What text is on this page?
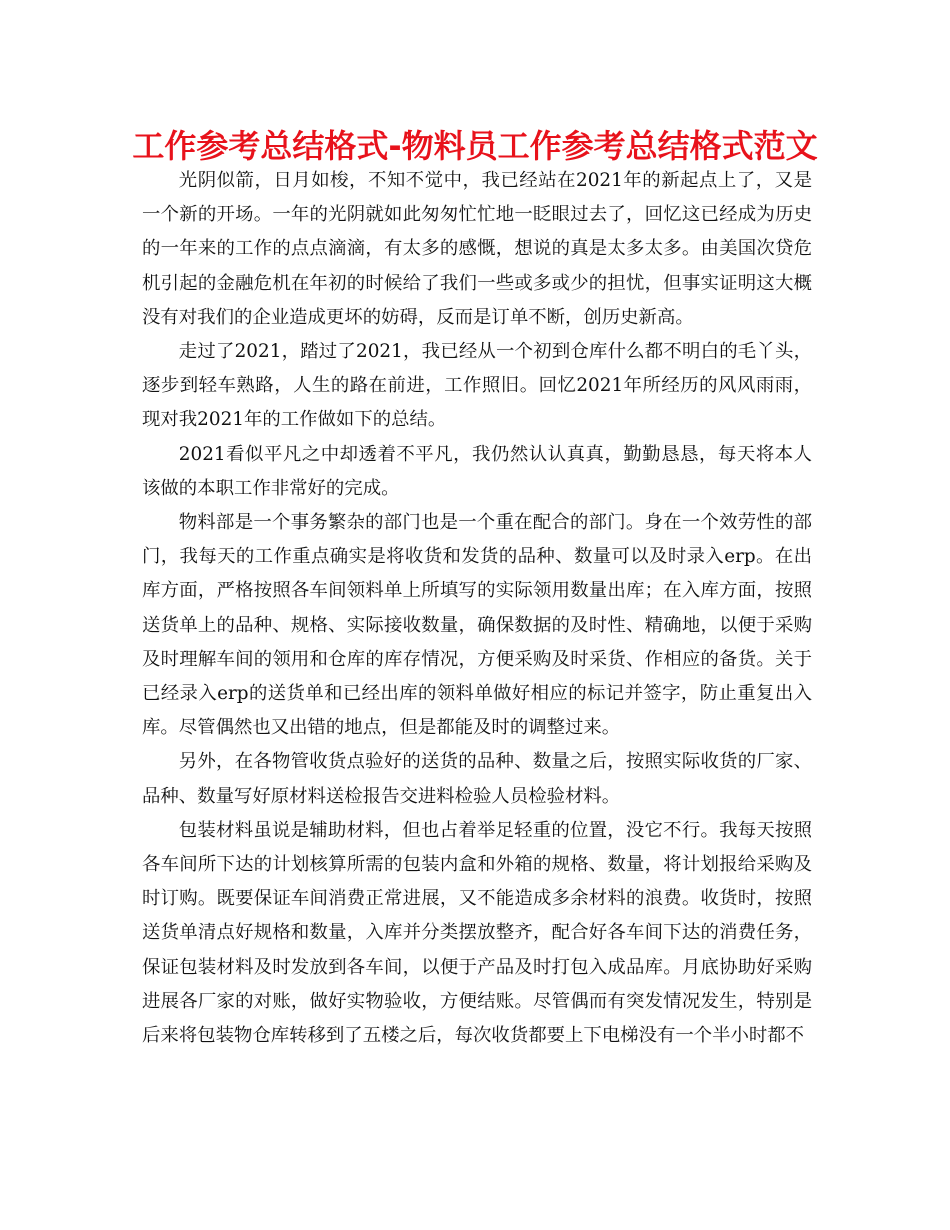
工作参考总结格式-物料员工作参考总结格式范文

光阴似箭，日月如梭，不知不觉中，我已经站在2021年的新起点上了，又是一个新的开场。一年的光阴就如此匆匆忙忙地一眨眼过去了，回忆这已经成为历史的一年来的工作的点点滴滴，有太多的感慨，想说的真是太多太多。由美国次贷危机引起的金融危机在年初的时候给了我们一些或多或少的担忧，但事实证明这大概没有对我们的企业造成更坏的妨碍，反而是订单不断，创历史新高。

走过了2021，踏过了2021，我已经从一个初到仓库什么都不明白的毛丫头，逐步到轻车熟路，人生的路在前进，工作照旧。回忆2021年所经历的风风雨雨，现对我2021年的工作做如下的总结。

2021看似平凡之中却透着不平凡，我仍然认认真真，勤勤恳恳，每天将本人该做的本职工作非常好的完成。

物料部是一个事务繁杂的部门也是一个重在配合的部门。身在一个效劳性的部门，我每天的工作重点确实是将收货和发货的品种、数量可以及时录入erp。在出库方面，严格按照各车间领料单上所填写的实际领用数量出库；在入库方面，按照送货单上的品种、规格、实际接收数量，确保数据的及时性、精确地，以便于采购及时理解车间的领用和仓库的库存情况，方便采购及时采货、作相应的备货。关于已经录入erp的送货单和已经出库的领料单做好相应的标记并签字，防止重复出入库。尽管偶然也又出错的地点，但是都能及时的调整过来。

另外，在各物管收货点验好的送货的品种、数量之后，按照实际收货的厂家、品种、数量写好原材料送检报告交进料检验人员检验材料。

包装材料虽说是辅助材料，但也占着举足轻重的位置，没它不行。我每天按照各车间所下达的计划核算所需的包装内盒和外箱的规格、数量，将计划报给采购及时订购。既要保证车间消费正常进展，又不能造成多余材料的浪费。收货时，按照送货单清点好规格和数量，入库并分类摆放整齐，配合好各车间下达的消费任务，保证包装材料及时发放到各车间，以便于产品及时打包入成品库。月底协助好采购进展各厂家的对账，做好实物验收，方便结账。尽管偶而有突发情况发生，特别是后来将包装物仓库转移到了五楼之后，每次收货都要上下电梯没有一个半小时都不
